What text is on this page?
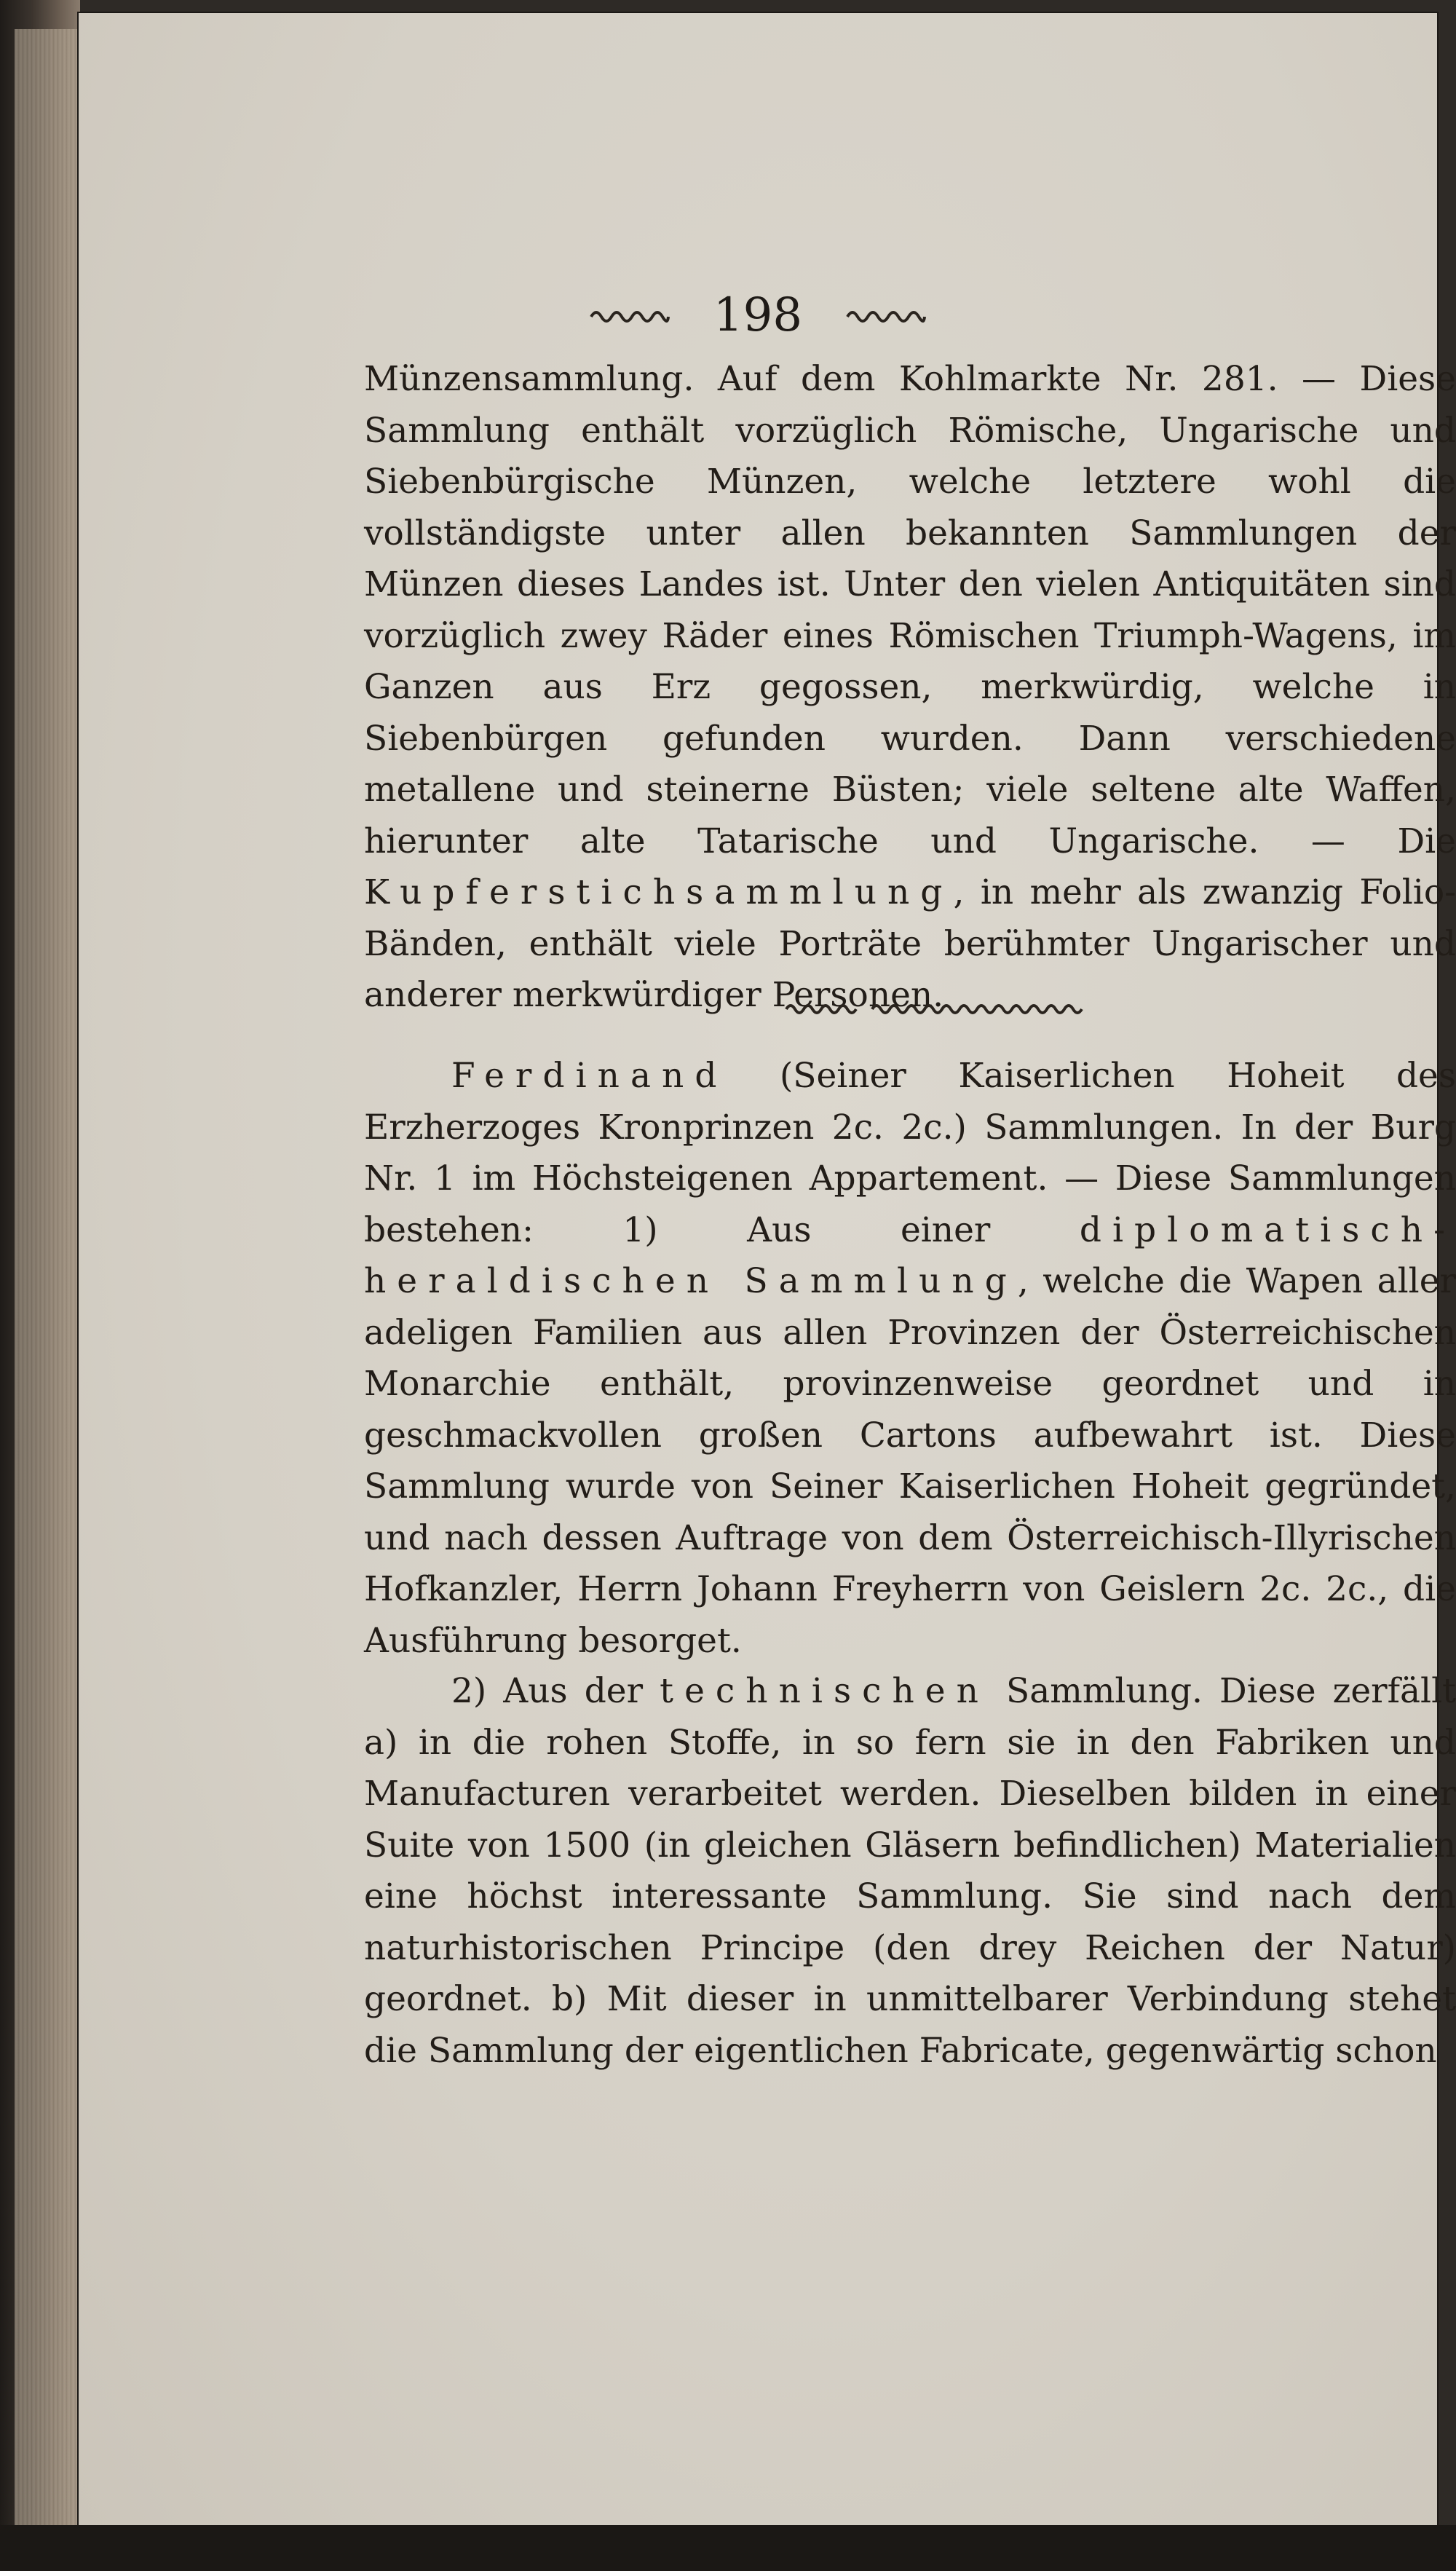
198

Münzensammlung. Auf dem Kohlmarkte Nr. 281. — Diese Sammlung enthält vorzüglich Römische, Ungarische und Siebenbürgische Münzen, welche letztere wohl die vollständigste unter allen bekannten Sammlungen der Münzen dieses Landes ist. Unter den vielen Antiquitäten sind vorzüglich zwey Räder eines Römischen Triumph-Wagens, im Ganzen aus Erz gegossen, merkwürdig, welche in Siebenbürgen gefunden wurden. Dann verschiedene metallene und steinerne Büsten; viele seltene alte Waffen, hierunter alte Tatarische und Ungarische. — Die Kupferstichsammlung, in mehr als zwanzig Folio-Bänden, enthält viele Porträte berühmter Ungarischer und anderer merkwürdiger Personen.

Ferdinand (Seiner Kaiserlichen Hoheit des Erzherzoges Kronprinzen 2c. 2c.) Sammlungen. In der Burg Nr. 1 im Höchsteigenen Appartement. — Diese Sammlungen bestehen: 1) Aus einer diplomatisch-heraldischen Sammlung, welche die Wapen aller adeligen Familien aus allen Provinzen der Österreichischen Monarchie enthält, provinzenweise geordnet und in geschmackvollen großen Cartons aufbewahrt ist. Diese Sammlung wurde von Seiner Kaiserlichen Hoheit gegründet, und nach dessen Auftrage von dem Österreichisch-Illyrischen Hofkanzler, Herrn Johann Freyherrn von Geislern 2c. 2c., die Ausführung besorget.

2) Aus der technischen Sammlung. Diese zerfällt a) in die rohen Stoffe, in so fern sie in den Fabriken und Manufacturen verarbeitet werden. Dieselben bilden in einer Suite von 1500 (in gleichen Gläsern befindlichen) Materialien eine höchst interessante Sammlung. Sie sind nach dem naturhistorischen Principe (den drey Reichen der Natur) geordnet. b) Mit dieser in unmittelbarer Verbindung stehet die Sammlung der eigentlichen Fabricate, gegenwärtig schon
